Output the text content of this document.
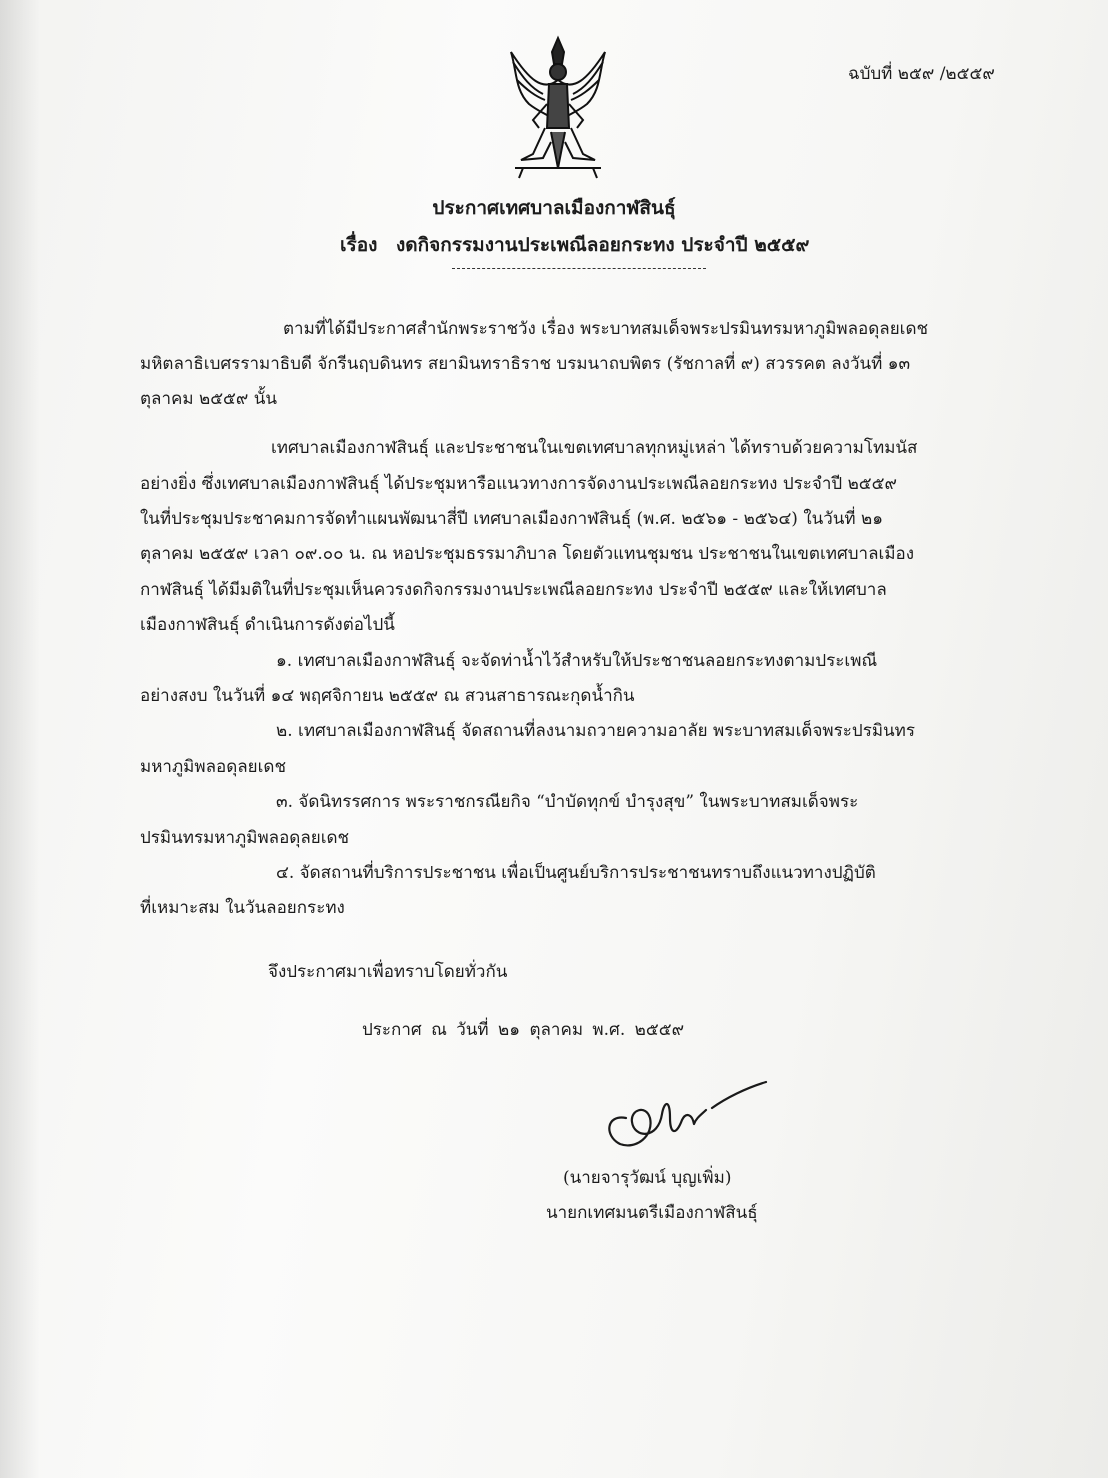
ฉบับที่ ๒๕๙ /๒๕๕๙
ประกาศเทศบาลเมืองกาฬสินธุ์
เรื่อง งดกิจกรรมงานประเพณีลอยกระทง ประจำปี ๒๕๕๙
ตามที่ได้มีประกาศสำนักพระราชวัง เรื่อง พระบาทสมเด็จพระปรมินทรมหาภูมิพลอดุลยเดช
มหิตลาธิเบศรรามาธิบดี จักรีนฤบดินทร สยามินทราธิราช บรมนาถบพิตร (รัชกาลที่ ๙) สวรรคต ลงวันที่ ๑๓
ตุลาคม ๒๕๕๙ นั้น
เทศบาลเมืองกาฬสินธุ์ และประชาชนในเขตเทศบาลทุกหมู่เหล่า ได้ทราบด้วยความโทมนัส
อย่างยิ่ง ซึ่งเทศบาลเมืองกาฬสินธุ์ ได้ประชุมหารือแนวทางการจัดงานประเพณีลอยกระทง ประจำปี ๒๕๕๙
ในที่ประชุมประชาคมการจัดทำแผนพัฒนาสี่ปี เทศบาลเมืองกาฬสินธุ์ (พ.ศ. ๒๕๖๑ - ๒๕๖๔) ในวันที่ ๒๑
ตุลาคม ๒๕๕๙ เวลา ๐๙.๐๐ น. ณ หอประชุมธรรมาภิบาล โดยตัวแทนชุมชน ประชาชนในเขตเทศบาลเมือง
กาฬสินธุ์ ได้มีมติในที่ประชุมเห็นควรงดกิจกรรมงานประเพณีลอยกระทง ประจำปี ๒๕๕๙ และให้เทศบาล
เมืองกาฬสินธุ์ ดำเนินการดังต่อไปนี้
๑. เทศบาลเมืองกาฬสินธุ์ จะจัดท่าน้ำไว้สำหรับให้ประชาชนลอยกระทงตามประเพณี
อย่างสงบ ในวันที่ ๑๔ พฤศจิกายน ๒๕๕๙ ณ สวนสาธารณะกุดน้ำกิน
๒. เทศบาลเมืองกาฬสินธุ์ จัดสถานที่ลงนามถวายความอาลัย พระบาทสมเด็จพระปรมินทร
มหาภูมิพลอดุลยเดช
๓. จัดนิทรรศการ พระราชกรณียกิจ “บำบัดทุกข์ บำรุงสุข” ในพระบาทสมเด็จพระ
ปรมินทรมหาภูมิพลอดุลยเดช
๔. จัดสถานที่บริการประชาชน เพื่อเป็นศูนย์บริการประชาชนทราบถึงแนวทางปฏิบัติ
ที่เหมาะสม ในวันลอยกระทง
จึงประกาศมาเพื่อทราบโดยทั่วกัน
ประกาศ ณ วันที่ ๒๑ ตุลาคม พ.ศ. ๒๕๕๙
(นายจารุวัฒน์ บุญเพิ่ม)
นายกเทศมนตรีเมืองกาฬสินธุ์
